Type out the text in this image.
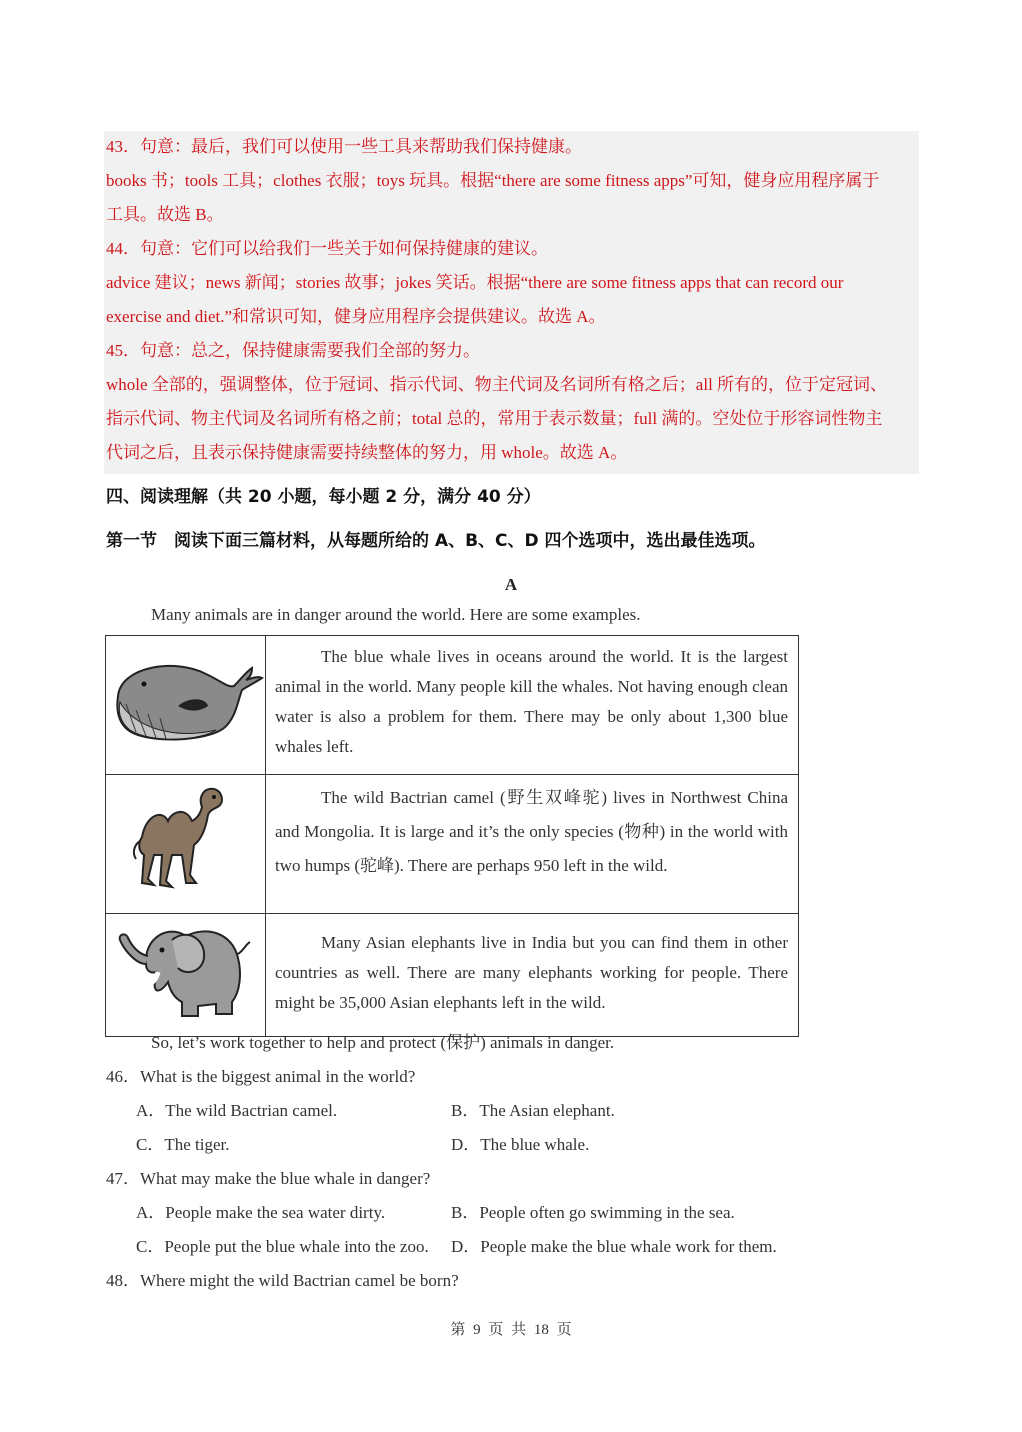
43．句意：最后，我们可以使用一些工具来帮助我们保持健康。
books 书；tools 工具；clothes 衣服；toys 玩具。根据“there are some fitness apps”可知，健身应用程序属于
工具。故选 B。
44．句意：它们可以给我们一些关于如何保持健康的建议。
advice 建议；news 新闻；stories 故事；jokes 笑话。根据“there are some fitness apps that can record our
exercise and diet.”和常识可知，健身应用程序会提供建议。故选 A。
45．句意：总之，保持健康需要我们全部的努力。
whole 全部的，强调整体，位于冠词、指示代词、物主代词及名词所有格之后；all 所有的，位于定冠词、
指示代词、物主代词及名词所有格之前；total 总的，常用于表示数量；full 满的。空处位于形容词性物主
代词之后，且表示保持健康需要持续整体的努力，用 whole。故选 A。
四、阅读理解（共 20 小题，每小题 2 分，满分 40 分）
第一节　阅读下面三篇材料，从每题所给的 A、B、C、D 四个选项中，选出最佳选项。
A
Many animals are in danger around the world. Here are some examples.
	The blue whale lives in oceans around the world. It is the largest animal in the world. Many people kill the whales. Not having enough clean water is also a problem for them. There may be only about 1,300 blue whales left.
	The wild Bactrian camel (野生双峰驼) lives in Northwest China and Mongolia. It is large and it’s the only species (物种) in the world with two humps (驼峰). There are perhaps 950 left in the wild.
	Many Asian elephants live in India but you can find them in other countries as well. There are many elephants working for people. There might be 35,000 Asian elephants left in the wild.
So, let’s work together to help and protect (保护) animals in danger.
46．What is the biggest animal in the world?
A．The wild Bactrian camel.	B．The Asian elephant.
C．The tiger.	D．The blue whale.
47．What may make the blue whale in danger?
A．People make the sea water dirty.	B．People often go swimming in the sea.
C．People put the blue whale into the zoo. D．People make the blue whale work for them.
48．Where might the wild Bactrian camel be born?
第 9 页 共 18 页
